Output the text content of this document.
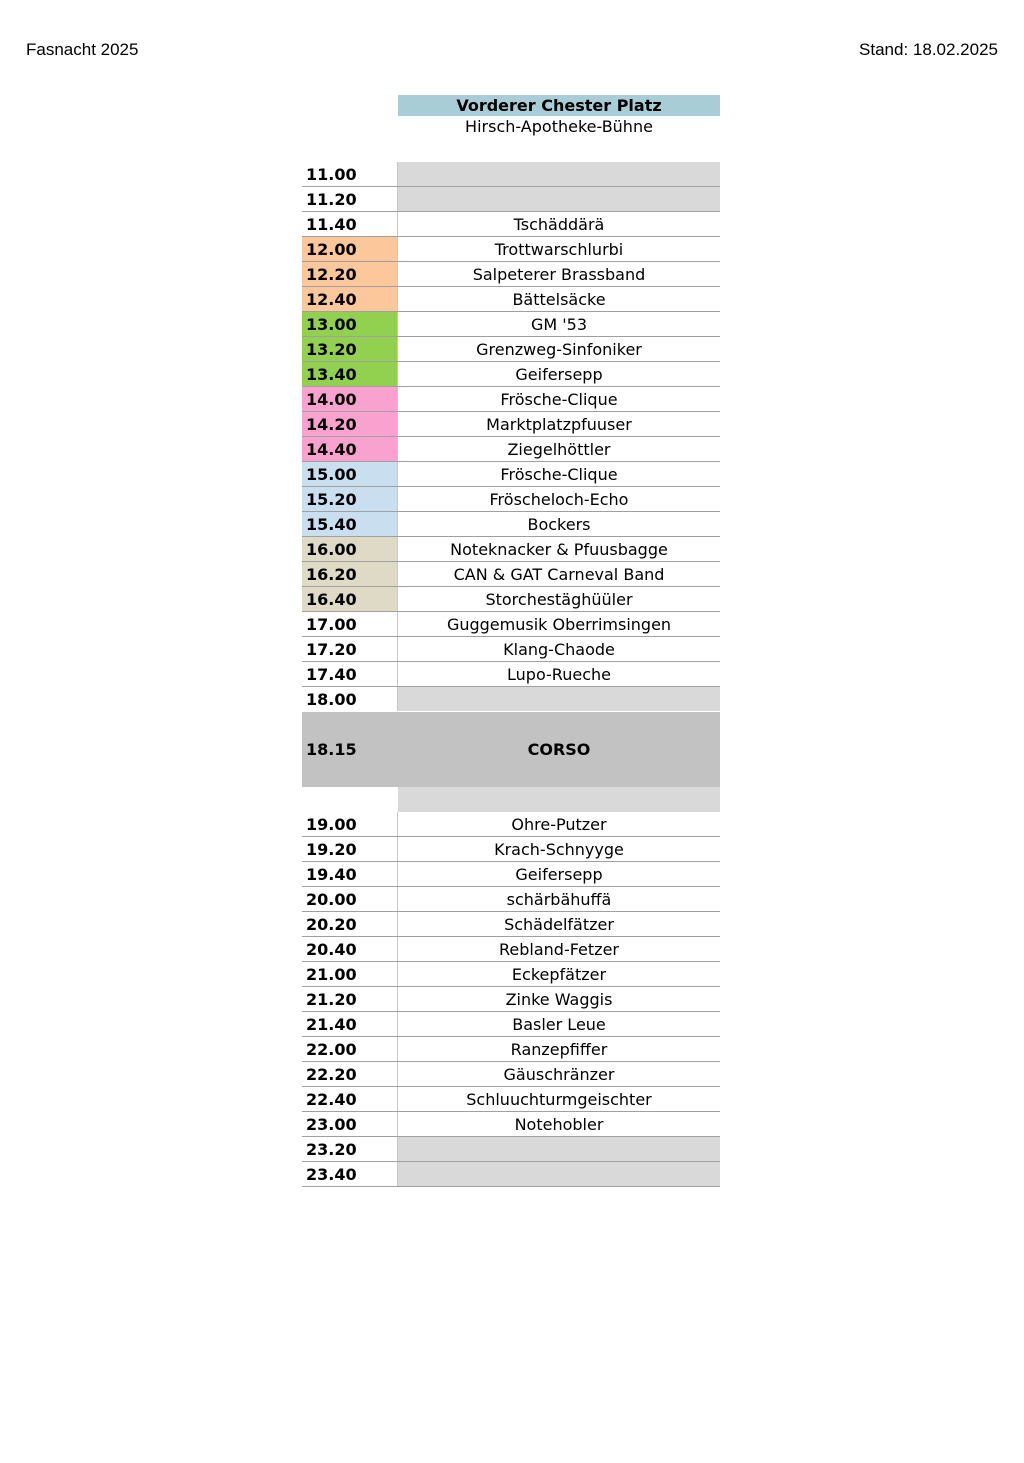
Fasnacht 2025	Stand: 18.02.2025
Vorderer Chester Platz
Hirsch-Apotheke-Bühne
11.00
11.20
11.40	Tschäddärä
12.00	Trottwarschlurbi
12.20	Salpeterer Brassband
12.40	Bättelsäcke
13.00	GM '53
13.20	Grenzweg-Sinfoniker
13.40	Geifersepp
14.00	Frösche-Clique
14.20	Marktplatzpfuuser
14.40	Ziegelhöttler
15.00	Frösche-Clique
15.20	Fröscheloch-Echo
15.40	Bockers
16.00	Noteknacker & Pfuusbagge
16.20	CAN & GAT Carneval Band
16.40	Storchestäghüüler
17.00	Guggemusik Oberrimsingen
17.20	Klang-Chaode
17.40	Lupo-Rueche
18.00
18.15	CORSO
19.00	Ohre-Putzer
19.20	Krach-Schnyyge
19.40	Geifersepp
20.00	schärbähuffä
20.20	Schädelfätzer
20.40	Rebland-Fetzer
21.00	Eckepfätzer
21.20	Zinke Waggis
21.40	Basler Leue
22.00	Ranzepfiffer
22.20	Gäuschränzer
22.40	Schluuchturmgeischter
23.00	Notehobler
23.20
23.40
